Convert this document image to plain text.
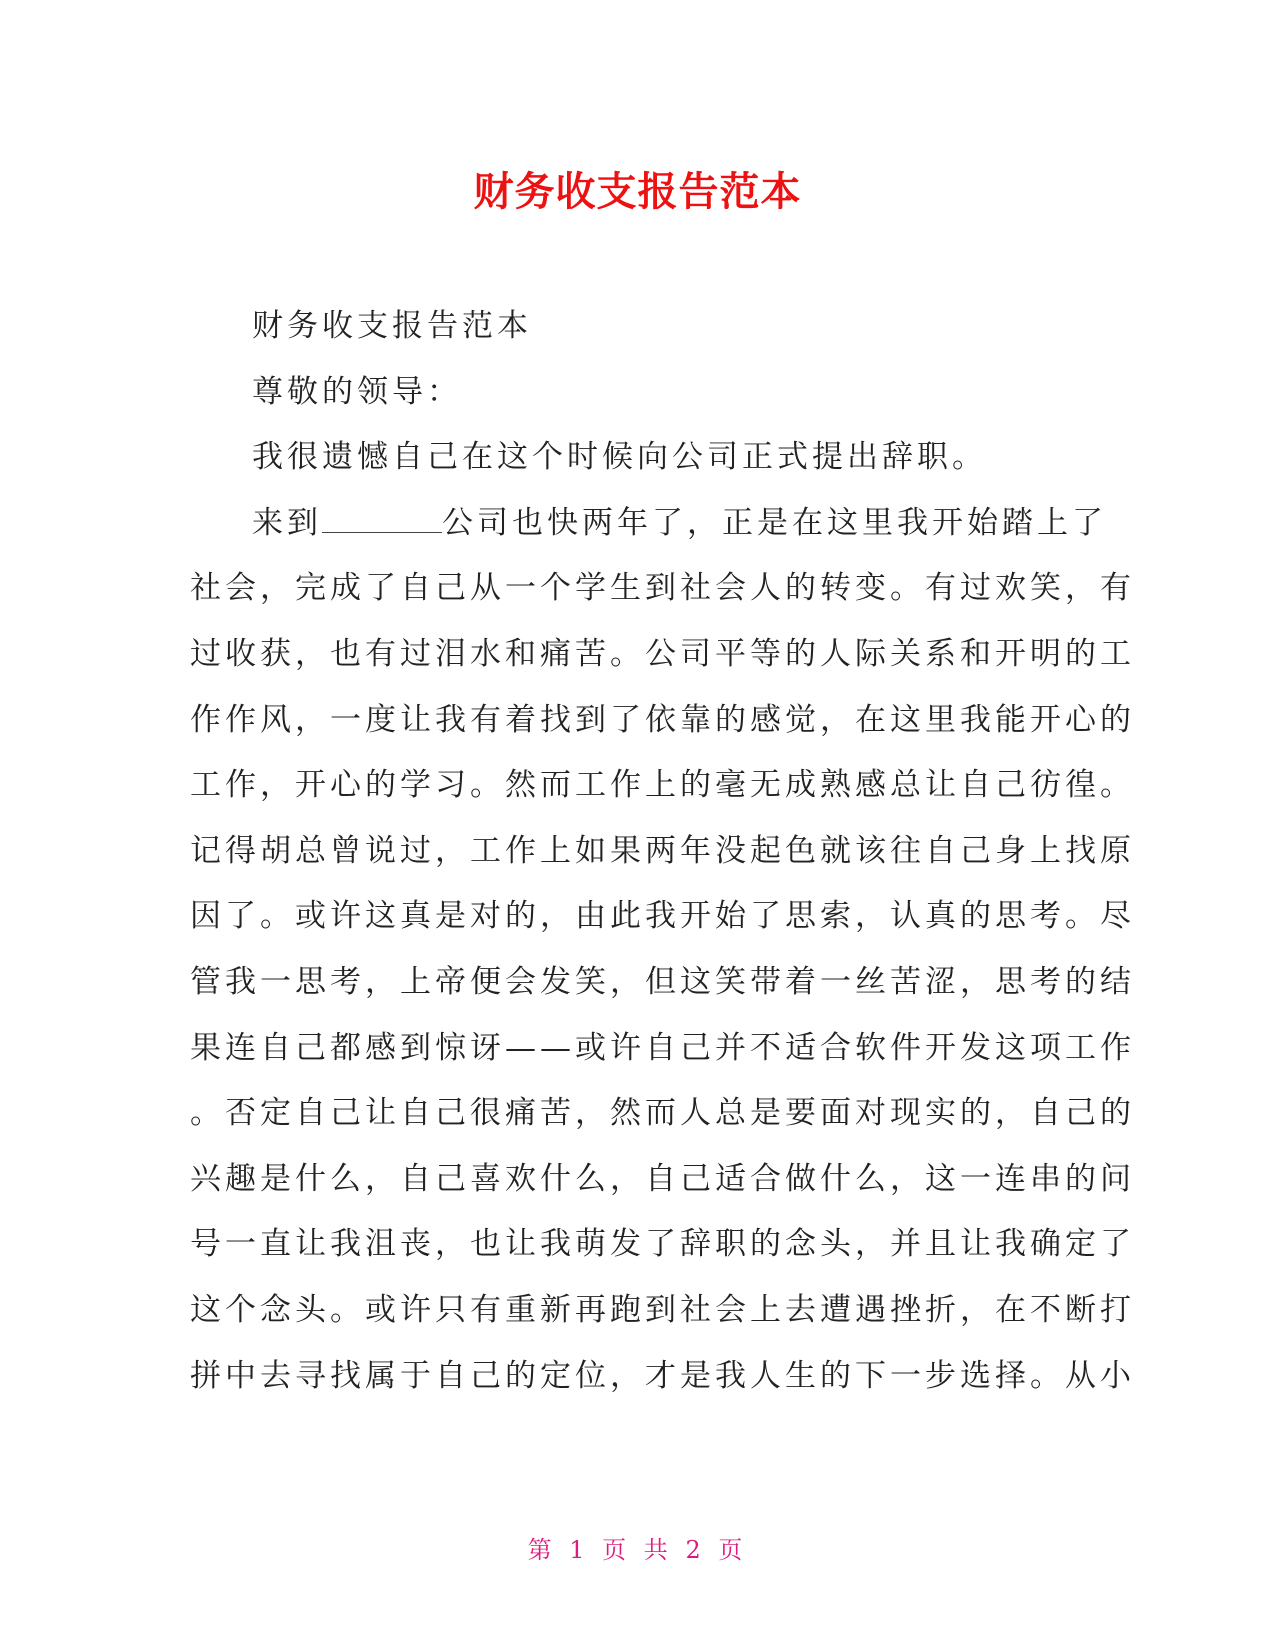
财务收支报告范本
财务收支报告范本
尊敬的领导：
我很遗憾自己在这个时候向公司正式提出辞职。
来到	公司也快两年了，正是在这里我开始踏上了
社会，完成了自己从一个学生到社会人的转变。有过欢笑，有
过收获，也有过泪水和痛苦。公司平等的人际关系和开明的工
作作风，一度让我有着找到了依靠的感觉，在这里我能开心的
工作，开心的学习。然而工作上的毫无成熟感总让自己彷徨。
记得胡总曾说过，工作上如果两年没起色就该往自己身上找原
因了。或许这真是对的，由此我开始了思索，认真的思考。尽
管我一思考，上帝便会发笑，但这笑带着一丝苦涩，思考的结
果连自己都感到惊讶——或许自己并不适合软件开发这项工作
。否定自己让自己很痛苦，然而人总是要面对现实的，自己的
兴趣是什么，自己喜欢什么，自己适合做什么，这一连串的问
号一直让我沮丧，也让我萌发了辞职的念头，并且让我确定了
这个念头。或许只有重新再跑到社会上去遭遇挫折，在不断打
拼中去寻找属于自己的定位，才是我人生的下一步选择。从小
第 1 页 共 2 页
